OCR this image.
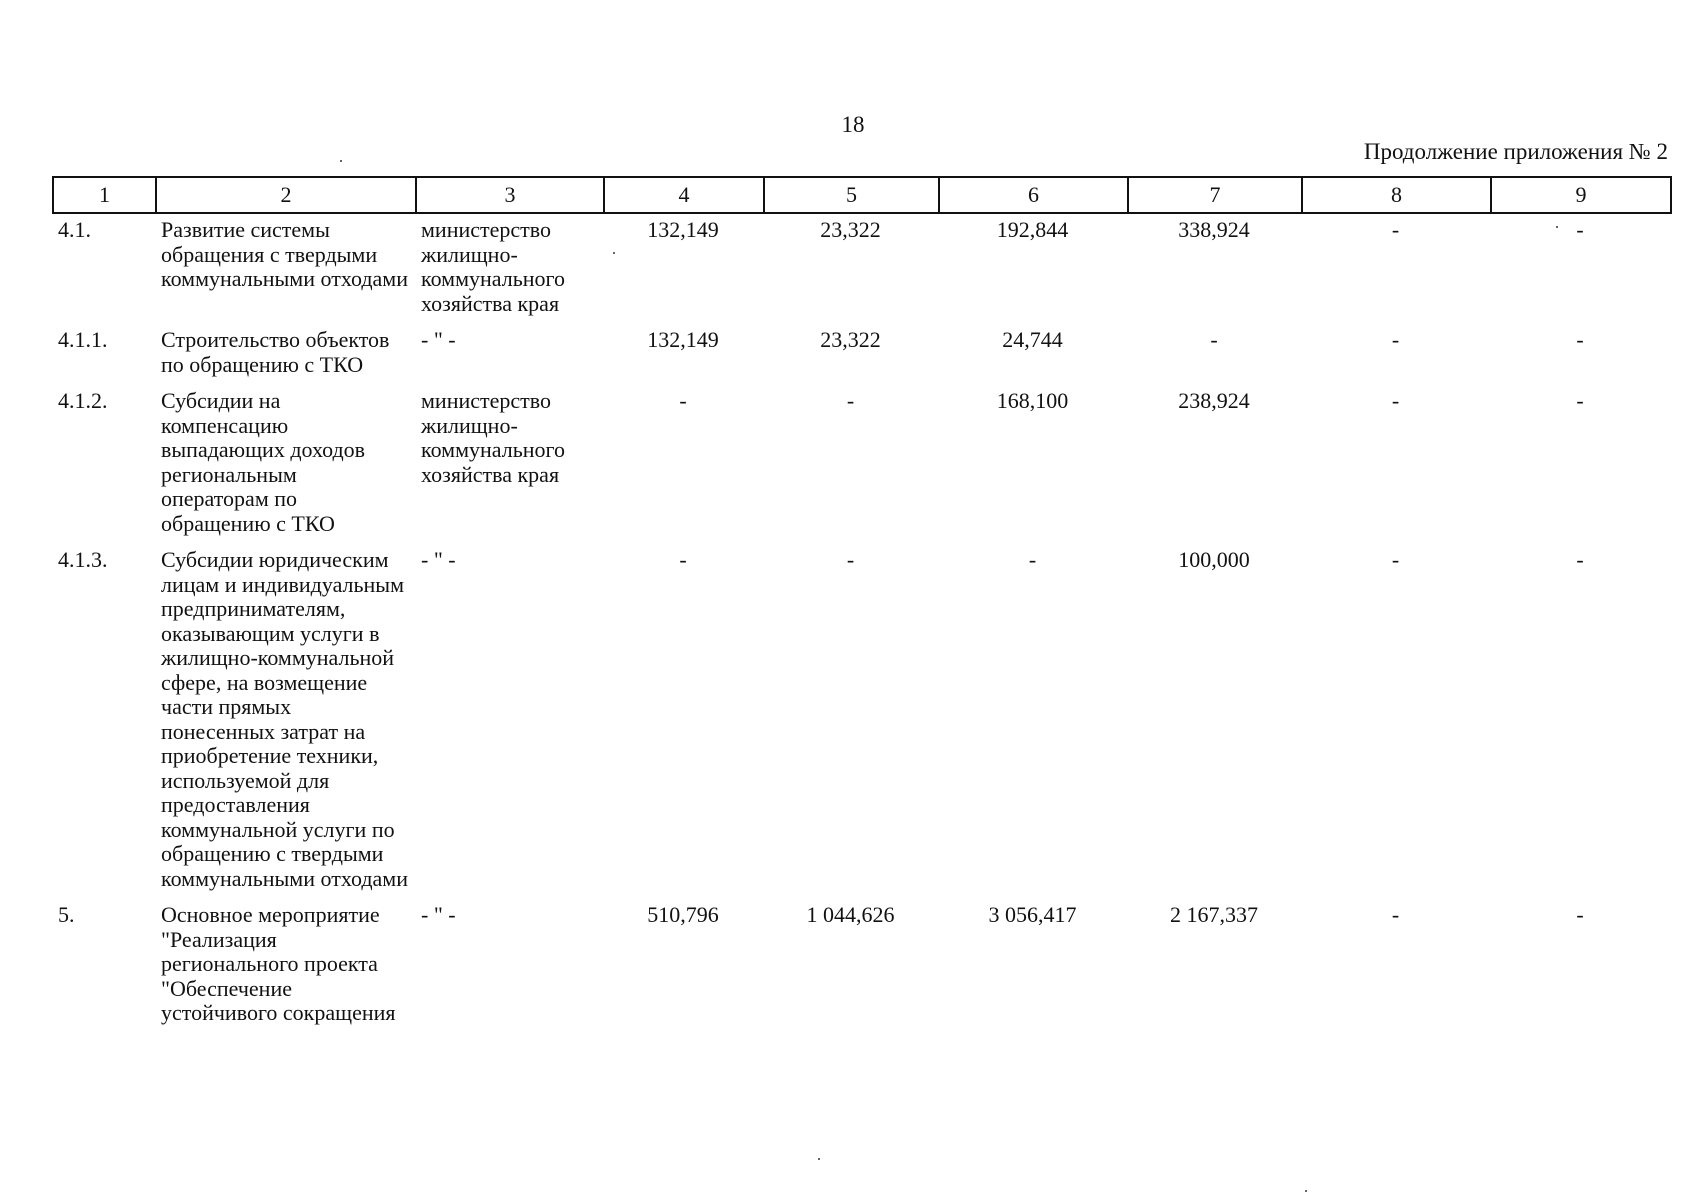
18
Продолжение приложения № 2
1	2	3	4	5	6	7	8	9
4.1.	Развитие системы обращения с твердыми коммунальными отходами	министерство жилищно-коммунального хозяйства края	132,149	23,322	192,844	338,924	-	-
4.1.1.	Строительство объектов по обращению с ТКО	- " -	132,149	23,322	24,744	-	-	-
4.1.2.	Субсидии на компенсацию выпадающих доходов региональным операторам по обращению с ТКО	министерство жилищно-коммунального хозяйства края	-	-	168,100	238,924	-	-
4.1.3.	Субсидии юридическим лицам и индивидуальным предпринимателям, оказывающим услуги в жилищно-коммунальной сфере, на возмещение части прямых понесенных затрат на приобретение техники, используемой для предоставления коммунальной услуги по обращению с твердыми коммунальными отходами	- " -	-	-	-	100,000	-	-
5.	Основное мероприятие "Реализация регионального проекта "Обеспечение устойчивого сокращения	- " -	510,796	1 044,626	3 056,417	2 167,337	-	-
